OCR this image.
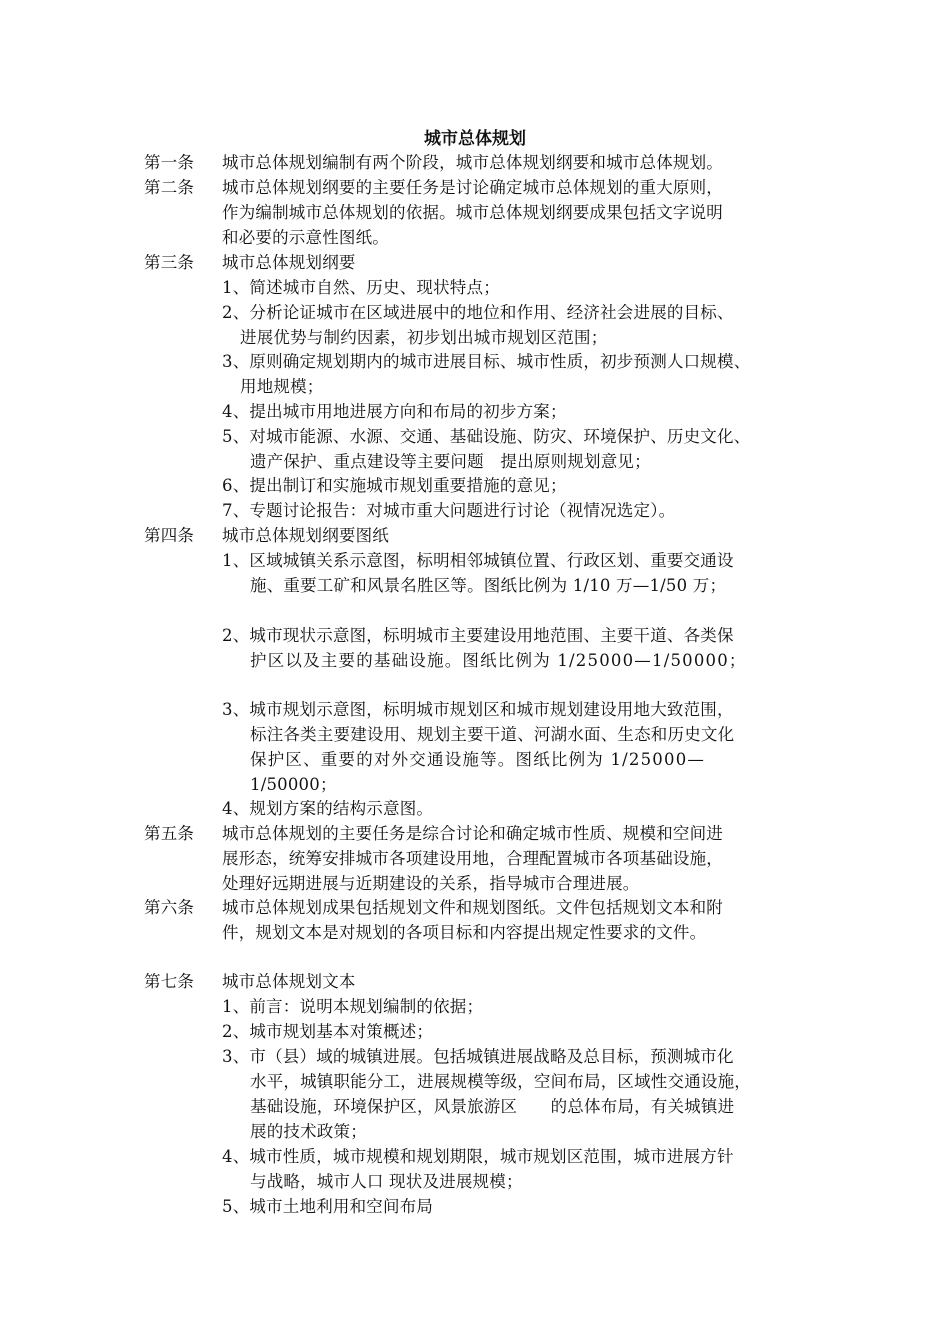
城市总体规划
第一条 城市总体规划编制有两个阶段，城市总体规划纲要和城市总体规划。
第二条 城市总体规划纲要的主要任务是讨论确定城市总体规划的重大原则，
作为编制城市总体规划的依据。城市总体规划纲要成果包括文字说明
和必要的示意性图纸。
第三条 城市总体规划纲要
1、简述城市自然、历史、现状特点；
2、分析论证城市在区域进展中的地位和作用、经济社会进展的目标、
进展优势与制约因素，初步划出城市规划区范围；
3、原则确定规划期内的城市进展目标、城市性质，初步预测人口规模、
用地规模；
4、提出城市用地进展方向和布局的初步方案；
5、对城市能源、水源、交通、基础设施、防灾、环境保护、历史文化、
遗产保护、重点建设等主要问题　提出原则规划意见；
6、提出制订和实施城市规划重要措施的意见；
7、专题讨论报告：对城市重大问题进行讨论（视情况选定）。
第四条 城市总体规划纲要图纸
1、区域城镇关系示意图，标明相邻城镇位置、行政区划、重要交通设
施、重要工矿和风景名胜区等。图纸比例为 1/10 万—1/50 万；
2、城市现状示意图，标明城市主要建设用地范围、主要干道、各类保
护区以及主要的基础设施。图纸比例为 1/25000—1/50000；
3、城市规划示意图，标明城市规划区和城市规划建设用地大致范围，
标注各类主要建设用、规划主要干道、河湖水面、生态和历史文化
保护区、重要的对外交通设施等。图纸比例为 1/25000—
1/50000；
4、规划方案的结构示意图。
第五条 城市总体规划的主要任务是综合讨论和确定城市性质、规模和空间进
展形态，统筹安排城市各项建设用地，合理配置城市各项基础设施，
处理好远期进展与近期建设的关系，指导城市合理进展。
第六条 城市总体规划成果包括规划文件和规划图纸。文件包括规划文本和附
件，规划文本是对规划的各项目标和内容提出规定性要求的文件。
第七条 城市总体规划文本
1、前言：说明本规划编制的依据；
2、城市规划基本对策概述；
3、市（县）域的城镇进展。包括城镇进展战略及总目标，预测城市化
水平，城镇职能分工，进展规模等级，空间布局，区域性交通设施，
基础设施，环境保护区，风景旅游区　　的总体布局，有关城镇进
展的技术政策；
4、城市性质，城市规模和规划期限，城市规划区范围，城市进展方针
与战略，城市人口 现状及进展规模；
5、城市土地利用和空间布局
